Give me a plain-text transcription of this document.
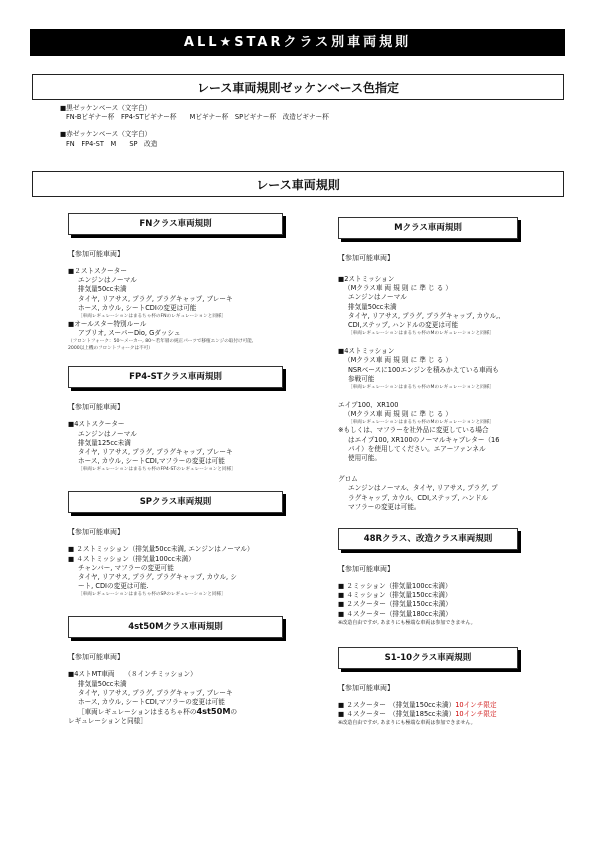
ALL★STARクラス別車両規則
レース車両規則ゼッケンベース色指定
■黒ゼッケンベース（文字白）
FN-Bビギナー杯　FP4-STビギナー杯　　Mビギナー杯　SPビギナー杯　改造ビギナー杯
■赤ゼッケンベース（文字白）
FN　FP4-ST　M　　SP　改造
レース車両規則
FNクラス車両規則
【参加可能車両】
■２ストスクーター
エンジンはノーマル
排気量50cc未満
タイヤ, リアサス, プラグ, プラグキャップ, ブレーキ
ホース, カウル, シートCDIの変更は可能
［車両レギュレーションはまるちゃ杯のFNのレギュレーションと同様］
■オールスター特別ルール
アプリオ, スーパーDio, Gダッシュ
（フロントフォーク：50～メーカー, 80～若年層の純正パーツで移植エンジの取付け可能,
2000以上機のフロントフォークは不可）
FP4-STクラス車両規則
【参加可能車両】
■4ストスクーター
エンジンはノーマル
排気量125cc未満
タイヤ, リアサス, プラグ, プラグキャップ, ブレーキ
ホース, カウル, シートCDI,マフラーの変更は可能
［車両レギュレーションはまるちゃ杯のFP4-STのレギュレーションと同様］
SPクラス車両規則
【参加可能車両】
■ ２ストミッション（排気量50cc未満, エンジンはノーマル）
■ ４ストミッション（排気量100cc未満）
チャンバー, マフラーの変更可能
タイヤ, リアサス, プラグ, プラグキャップ, カウル, シ
ート, CDIの変更は可能.
［車両レギュレーションはまるちゃ杯のSPのレギュレーションと同様］
4st50Mクラス車両規則
【参加可能車両】
■4ストMT車両　　（８インチミッション）
排気量50cc未満
タイヤ, リアサス, プラグ, プラグキャップ, ブレーキ
ホース, カウル, シートCDI,マフラーの変更は可能
［車両レギュレーションはまるちゃ杯の4st50Mの
レギュレーションと同様］
Mクラス車両規則
【参加可能車両】
■2ストミッション
（Mクラス車 両 規 則 に 準 じ る ）
エンジンはノーマル
排気量50cc未満
タイヤ, リアサス, プラグ, プラグキャップ, カウル,、
CDI,ステップ, ハンドルの変更は可能
［車両レギュレーションはまるちゃ杯のMのレギュレーションと同様］
■4ストミッション
（Mクラス車 両 規 則 に 準 じ る ）
NSRベースに100エンジンを積みかえている車両も
参戦可能
［車両レギュレーションはまるちゃ杯のMのレギュレーションと同様］
エイプ100、XR100
（Mクラス車 両 規 則 に 準 じ る ）
［車両レギュレーションはまるちゃ杯のMのレギュレーションと同様］
※もしくは、マフラーを社外品に変更している場合
はエイプ100, XR100のノーマルキャブレター（16
パイ）を使用してください。エアーファンネル
使用可能。
グロム
エンジンはノーマル、タイヤ, リアサス, プラグ, プ
ラグキャップ, カウル、CDI,ステップ, ハンドル
マフラーの変更は可能。
48Rクラス、改造クラス車両規則
【参加可能車両】
■ ２ミッション（排気量100cc未満）
■ ４ミッション（排気量150cc未満）
■ ２スクーター（排気量150cc未満）
■ ４スクーター（排気量180cc未満）
※改造自由ですが, あまりにも極端な車両は参加できません。
S1-10クラス車両規則
【参加可能車両】
■ ２スクーター　（排気量150cc未満）10インチ限定
■ ４スクーター　（排気量185cc未満）10インチ限定
※改造自由ですが, あまりにも極端な車両は参加できません。
